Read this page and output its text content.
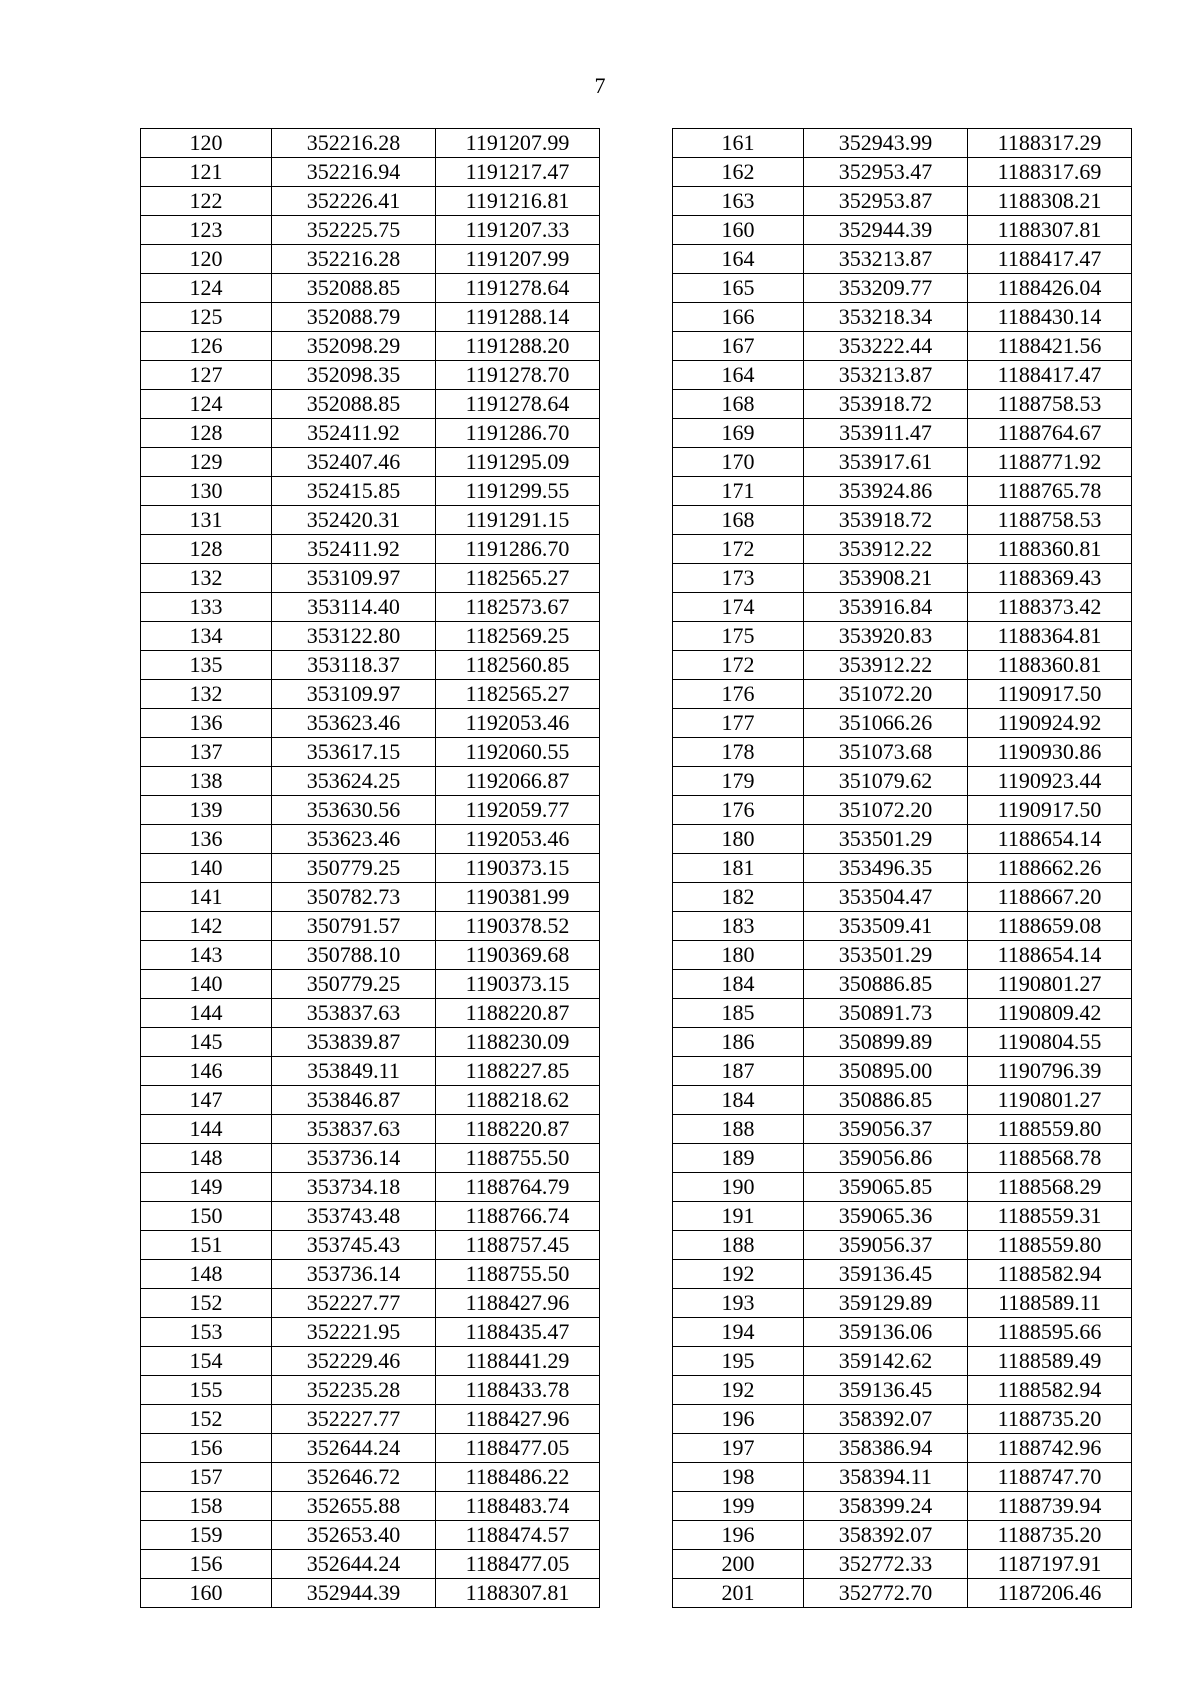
7
120	352216.28	1191207.99
121	352216.94	1191217.47
122	352226.41	1191216.81
123	352225.75	1191207.33
120	352216.28	1191207.99
124	352088.85	1191278.64
125	352088.79	1191288.14
126	352098.29	1191288.20
127	352098.35	1191278.70
124	352088.85	1191278.64
128	352411.92	1191286.70
129	352407.46	1191295.09
130	352415.85	1191299.55
131	352420.31	1191291.15
128	352411.92	1191286.70
132	353109.97	1182565.27
133	353114.40	1182573.67
134	353122.80	1182569.25
135	353118.37	1182560.85
132	353109.97	1182565.27
136	353623.46	1192053.46
137	353617.15	1192060.55
138	353624.25	1192066.87
139	353630.56	1192059.77
136	353623.46	1192053.46
140	350779.25	1190373.15
141	350782.73	1190381.99
142	350791.57	1190378.52
143	350788.10	1190369.68
140	350779.25	1190373.15
144	353837.63	1188220.87
145	353839.87	1188230.09
146	353849.11	1188227.85
147	353846.87	1188218.62
144	353837.63	1188220.87
148	353736.14	1188755.50
149	353734.18	1188764.79
150	353743.48	1188766.74
151	353745.43	1188757.45
148	353736.14	1188755.50
152	352227.77	1188427.96
153	352221.95	1188435.47
154	352229.46	1188441.29
155	352235.28	1188433.78
152	352227.77	1188427.96
156	352644.24	1188477.05
157	352646.72	1188486.22
158	352655.88	1188483.74
159	352653.40	1188474.57
156	352644.24	1188477.05
160	352944.39	1188307.81
161	352943.99	1188317.29
162	352953.47	1188317.69
163	352953.87	1188308.21
160	352944.39	1188307.81
164	353213.87	1188417.47
165	353209.77	1188426.04
166	353218.34	1188430.14
167	353222.44	1188421.56
164	353213.87	1188417.47
168	353918.72	1188758.53
169	353911.47	1188764.67
170	353917.61	1188771.92
171	353924.86	1188765.78
168	353918.72	1188758.53
172	353912.22	1188360.81
173	353908.21	1188369.43
174	353916.84	1188373.42
175	353920.83	1188364.81
172	353912.22	1188360.81
176	351072.20	1190917.50
177	351066.26	1190924.92
178	351073.68	1190930.86
179	351079.62	1190923.44
176	351072.20	1190917.50
180	353501.29	1188654.14
181	353496.35	1188662.26
182	353504.47	1188667.20
183	353509.41	1188659.08
180	353501.29	1188654.14
184	350886.85	1190801.27
185	350891.73	1190809.42
186	350899.89	1190804.55
187	350895.00	1190796.39
184	350886.85	1190801.27
188	359056.37	1188559.80
189	359056.86	1188568.78
190	359065.85	1188568.29
191	359065.36	1188559.31
188	359056.37	1188559.80
192	359136.45	1188582.94
193	359129.89	1188589.11
194	359136.06	1188595.66
195	359142.62	1188589.49
192	359136.45	1188582.94
196	358392.07	1188735.20
197	358386.94	1188742.96
198	358394.11	1188747.70
199	358399.24	1188739.94
196	358392.07	1188735.20
200	352772.33	1187197.91
201	352772.70	1187206.46
